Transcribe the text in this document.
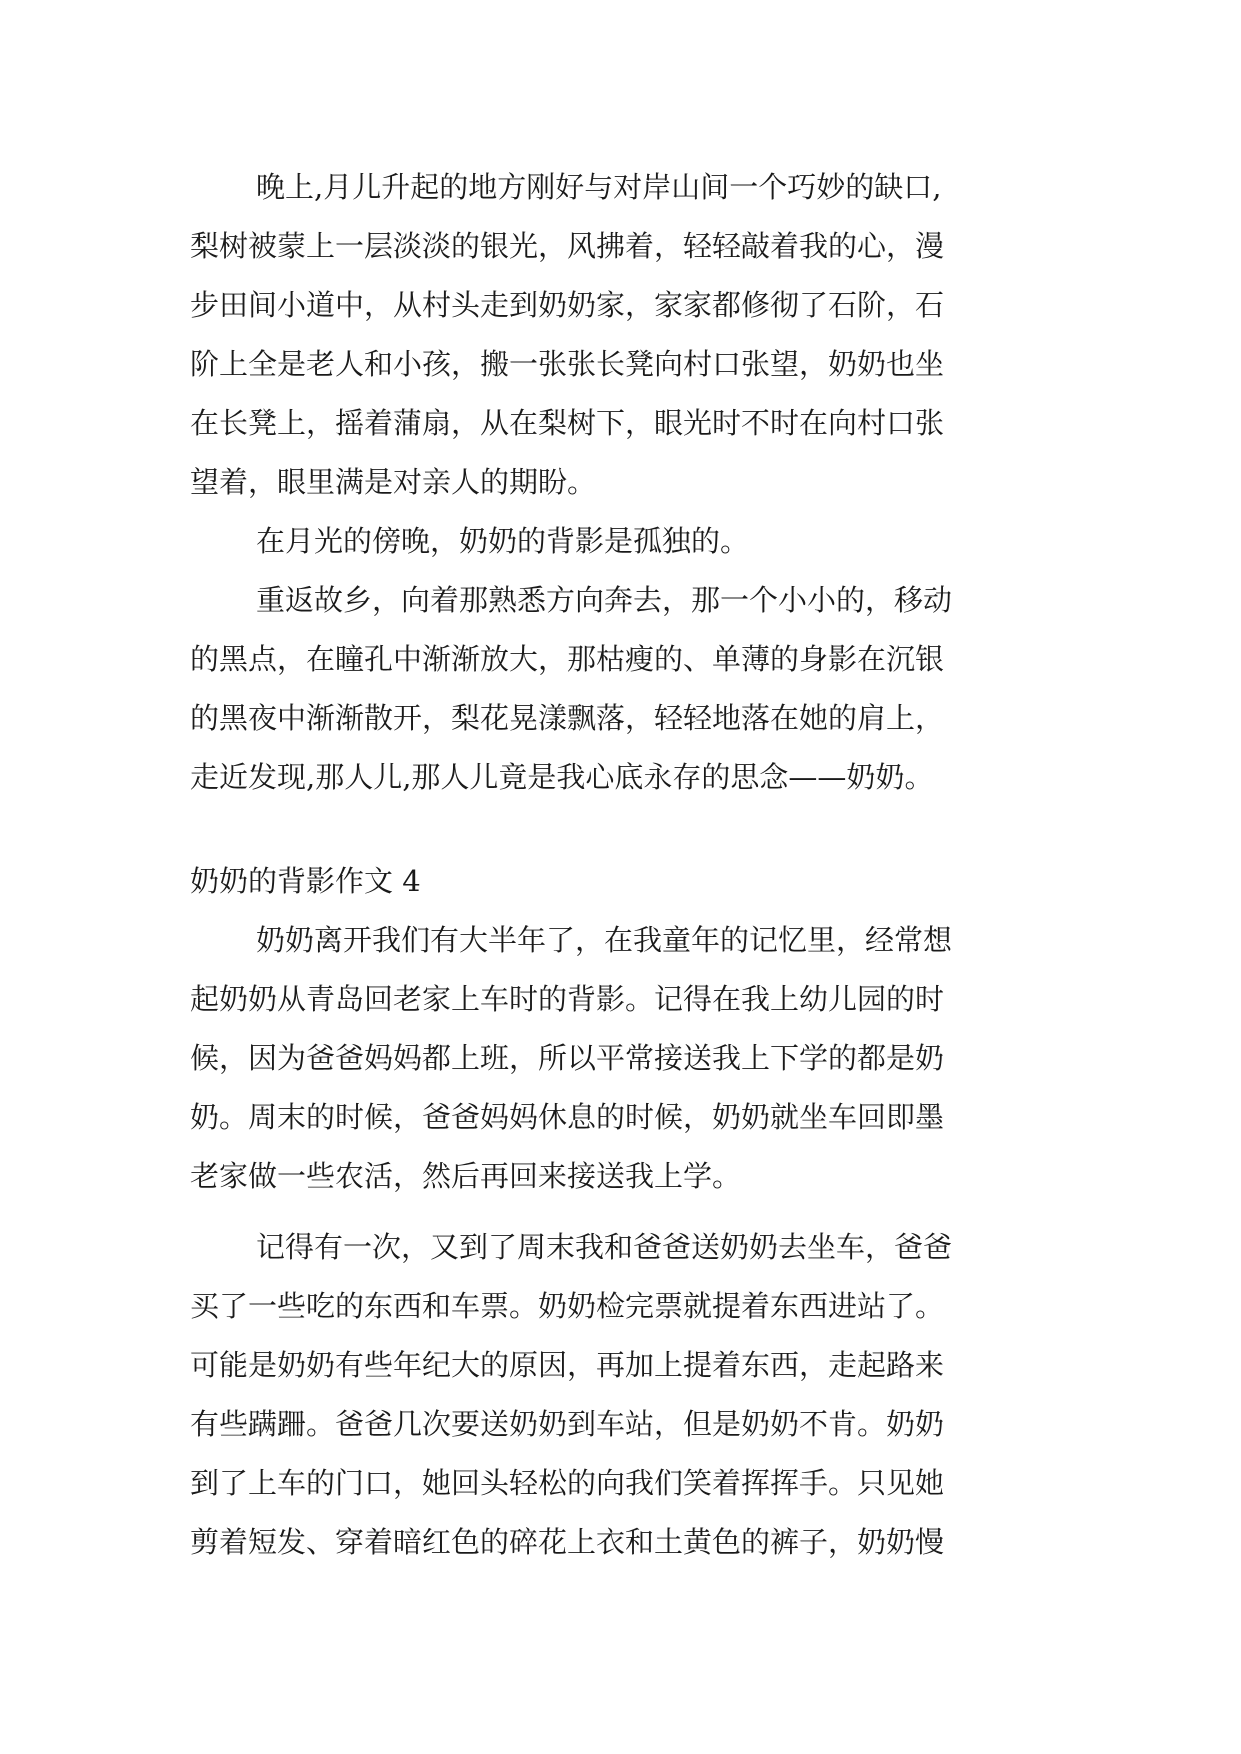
晚上,月儿升起的地方刚好与对岸山间一个巧妙的缺口,
梨树被蒙上一层淡淡的银光，风拂着，轻轻敲着我的心，漫
步田间小道中，从村头走到奶奶家，家家都修彻了石阶，石
阶上全是老人和小孩，搬一张张长凳向村口张望，奶奶也坐
在长凳上，摇着蒲扇，从在梨树下，眼光时不时在向村口张
望着，眼里满是对亲人的期盼。
在月光的傍晚，奶奶的背影是孤独的。
重返故乡，向着那熟悉方向奔去，那一个小小的，移动
的黑点，在瞳孔中渐渐放大，那枯瘦的、单薄的身影在沉银
的黑夜中渐渐散开，梨花晃漾飘落，轻轻地落在她的肩上，
走近发现,那人儿,那人儿竟是我心底永存的思念——奶奶。
奶奶的背影作文 4
奶奶离开我们有大半年了，在我童年的记忆里，经常想
起奶奶从青岛回老家上车时的背影。记得在我上幼儿园的时
候，因为爸爸妈妈都上班，所以平常接送我上下学的都是奶
奶。周末的时候，爸爸妈妈休息的时候，奶奶就坐车回即墨
老家做一些农活，然后再回来接送我上学。
记得有一次，又到了周末我和爸爸送奶奶去坐车，爸爸
买了一些吃的东西和车票。奶奶检完票就提着东西进站了。
可能是奶奶有些年纪大的原因，再加上提着东西，走起路来
有些蹒跚。爸爸几次要送奶奶到车站，但是奶奶不肯。奶奶
到了上车的门口，她回头轻松的向我们笑着挥挥手。只见她
剪着短发、穿着暗红色的碎花上衣和土黄色的裤子，奶奶慢
